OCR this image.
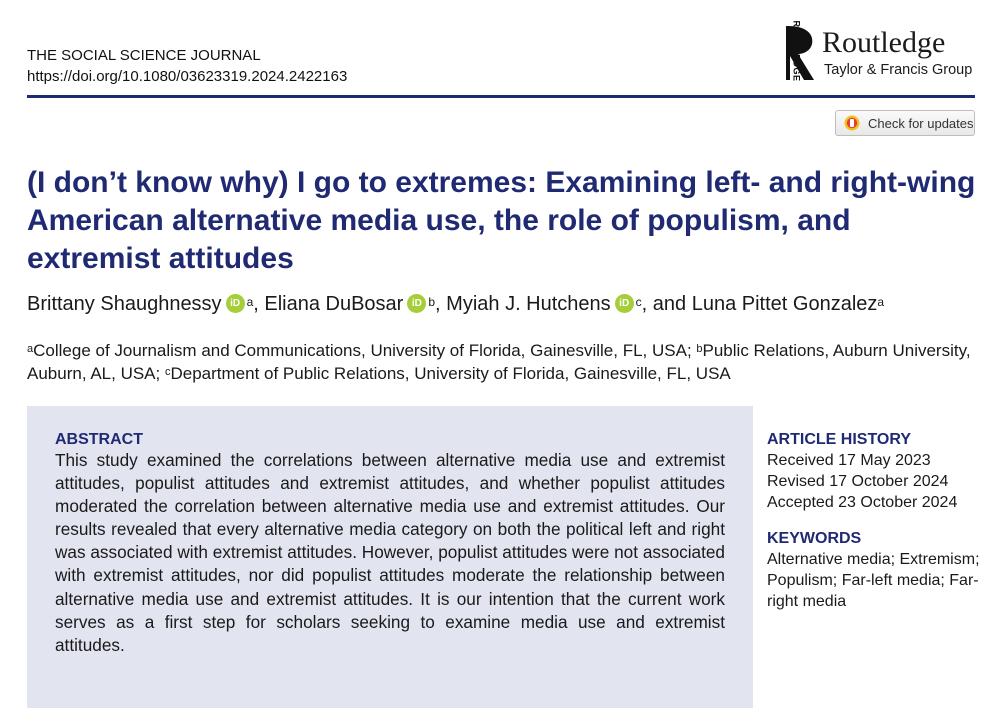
THE SOCIAL SCIENCE JOURNAL
https://doi.org/10.1080/03623319.2024.2422163
Routledge
Taylor & Francis Group
Check for updates
(I don’t know why) I go to extremes: Examining left- and right-wing American alternative media use, the role of populism, and extremist attitudes
Brittany Shaughnessy iD $^a$, Eliana DuBosar iD $^b$, Myiah J. Hutchens iD $^c$, and Luna Pittet Gonzalez$^a$
$^a$College of Journalism and Communications, University of Florida, Gainesville, FL, USA; $^b$Public Relations, Auburn University, Auburn, AL, USA; $^c$Department of Public Relations, University of Florida, Gainesville, FL, USA
ABSTRACT

This study examined the correlations between alternative media use and extremist attitudes, populist attitudes and extremist attitudes, and whether populist attitudes moderated the correlation between alternative media use and extremist attitudes. Our results revealed that every alternative media category on both the political left and right was associated with extremist attitudes. However, populist attitudes were not associated with extremist attitudes, nor did populist attitudes moderate the relationship between alternative media use and extremist attitudes. It is our intention that the current work serves as a first step for scholars seeking to examine media use and extremist attitudes.

ARTICLE HISTORY
Received 17 May 2023
Revised 17 October 2024
Accepted 23 October 2024
KEYWORDS
Alternative media; Extremism; Populism; Far-left media; Far-right media
